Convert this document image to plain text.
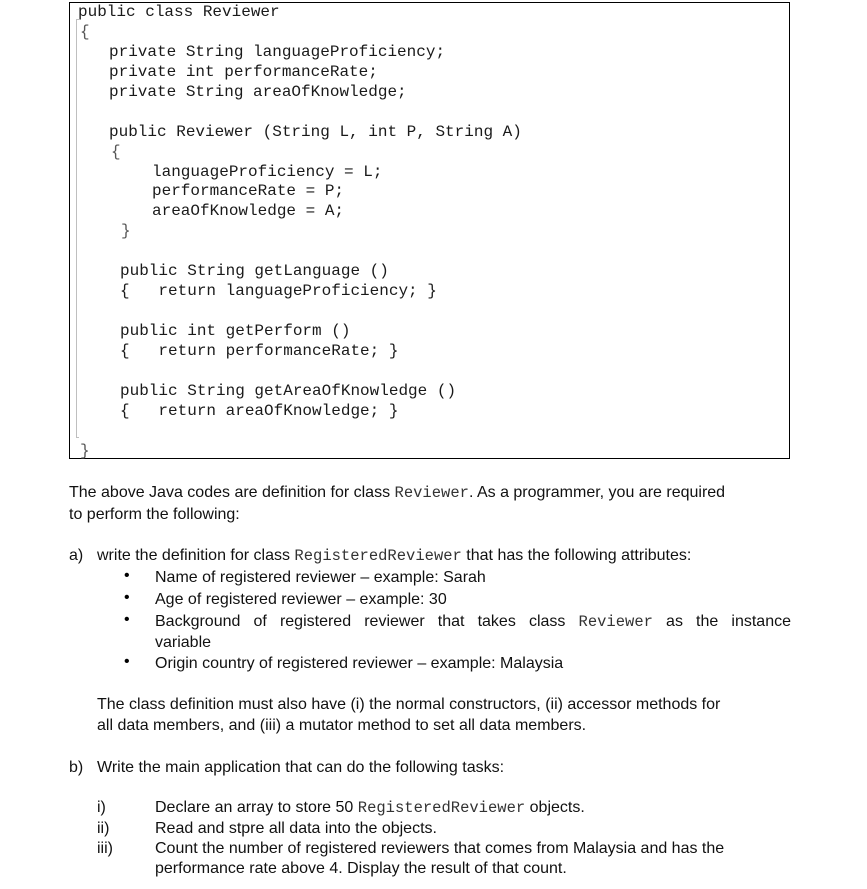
public class Reviewer
{
private String languageProficiency;
private int performanceRate;
private String areaOfKnowledge;
public Reviewer (String L, int P, String A)
{
languageProficiency = L;
performanceRate = P;
areaOfKnowledge = A;
}
public String getLanguage ()
{   return languageProficiency; }
public int getPerform ()
{   return performanceRate; }
public String getAreaOfKnowledge ()
{   return areaOfKnowledge; }
}
The above Java codes are definition for class Reviewer. As a programmer, you are required
to perform the following:
a) write the definition for class RegisteredReviewer that has the following attributes:
• Name of registered reviewer – example: Sarah
• Age of registered reviewer – example: 30
• Background of registered reviewer that takes class Reviewer as the instance
variable
• Origin country of registered reviewer – example: Malaysia
The class definition must also have (i) the normal constructors, (ii) accessor methods for
all data members, and (iii) a mutator method to set all data members.
b) Write the main application that can do the following tasks:
i)	Declare an array to store 50 RegisteredReviewer objects.
ii)	Read and stpre all data into the objects.
iii)	Count the number of registered reviewers that comes from Malaysia and has the
performance rate above 4. Display the result of that count.
